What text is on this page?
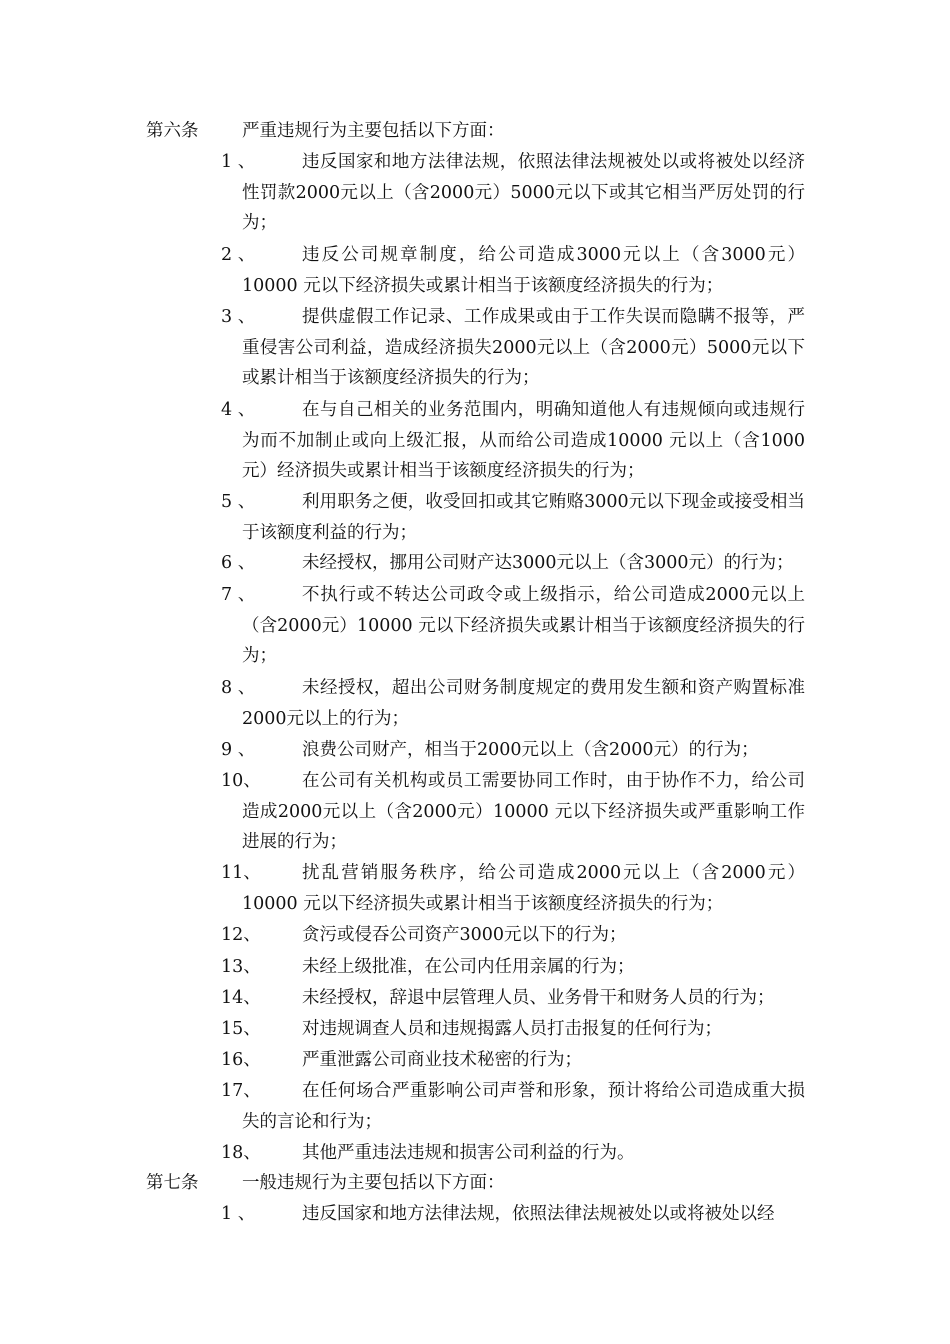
第六条 严重违规行为主要包括以下方面：
1 、	违反国家和地方法律法规，依照法律法规被处以或将被处以经济性罚款2000元以上（含2000元）5000元以下或其它相当严厉处罚的行为；
2 、	违反公司规章制度，给公司造成3000元以上（含3000元）10000 元以下经济损失或累计相当于该额度经济损失的行为；
3 、	提供虚假工作记录、工作成果或由于工作失误而隐瞒不报等，严重侵害公司利益，造成经济损失2000元以上（含2000元）5000元以下或累计相当于该额度经济损失的行为；
4 、	在与自己相关的业务范围内，明确知道他人有违规倾向或违规行为而不加制止或向上级汇报，从而给公司造成10000 元以上（含1000元）经济损失或累计相当于该额度经济损失的行为；
5 、	利用职务之便，收受回扣或其它贿赂3000元以下现金或接受相当于该额度利益的行为；
6 、	未经授权，挪用公司财产达3000元以上（含3000元）的行为；
7 、	不执行或不转达公司政令或上级指示，给公司造成2000元以上（含2000元）10000 元以下经济损失或累计相当于该额度经济损失的行为；
8 、	未经授权，超出公司财务制度规定的费用发生额和资产购置标准2000元以上的行为；
9 、	浪费公司财产，相当于2000元以上（含2000元）的行为；
10、	在公司有关机构或员工需要协同工作时，由于协作不力，给公司造成2000元以上（含2000元）10000 元以下经济损失或严重影响工作进展的行为；
11、	扰乱营销服务秩序，给公司造成2000元以上（含2000元）10000 元以下经济损失或累计相当于该额度经济损失的行为；
12、	贪污或侵吞公司资产3000元以下的行为；
13、	未经上级批准，在公司内任用亲属的行为；
14、	未经授权，辞退中层管理人员、业务骨干和财务人员的行为；
15、	对违规调查人员和违规揭露人员打击报复的任何行为；
16、	严重泄露公司商业技术秘密的行为；
17、	在任何场合严重影响公司声誉和形象，预计将给公司造成重大损失的言论和行为；
18、	其他严重违法违规和损害公司利益的行为。
第七条 一般违规行为主要包括以下方面：
1 、	违反国家和地方法律法规，依照法律法规被处以或将被处以经
